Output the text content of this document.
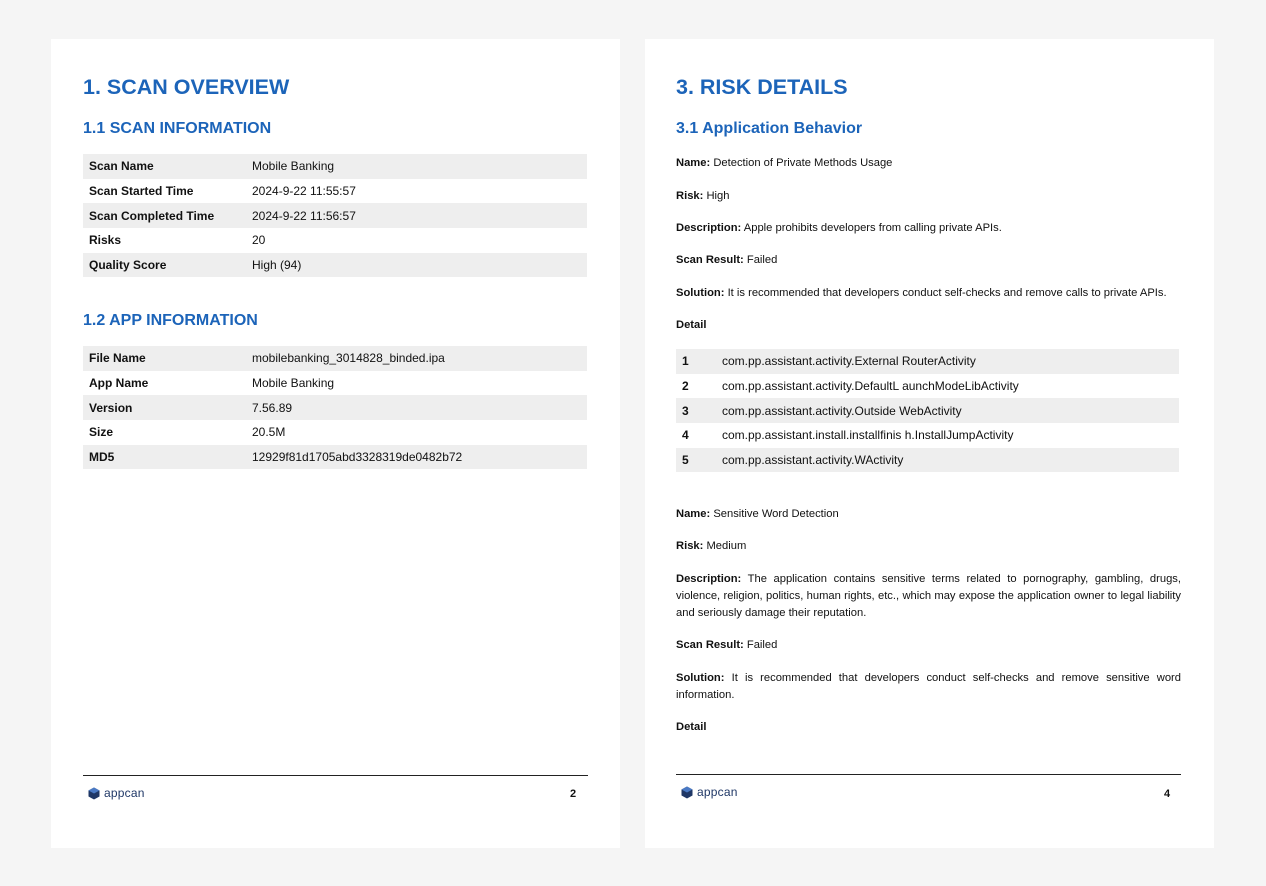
1. SCAN OVERVIEW
1.1 SCAN INFORMATION
Scan Name	Mobile Banking
Scan Started Time	2024-9-22 11:55:57
Scan Completed Time	2024-9-22 11:56:57
Risks	20
Quality Score	High (94)
1.2 APP INFORMATION
File Name	mobilebanking_3014828_binded.ipa
App Name	Mobile Banking
Version	7.56.89
Size	20.5M
MD5	12929f81d1705abd3328319de0482b72
appcan	2
3. RISK DETAILS
3.1 Application Behavior

Name: Detection of Private Methods Usage

Risk: High

Description: Apple prohibits developers from calling private APIs.

Scan Result: Failed

Solution: It is recommended that developers conduct self-checks and remove calls to private APIs.

Detail

1	com.pp.assistant.activity.External RouterActivity
2	com.pp.assistant.activity.DefaultL aunchModeLibActivity
3	com.pp.assistant.activity.Outside WebActivity
4	com.pp.assistant.install.installfinis h.InstallJumpActivity
5	com.pp.assistant.activity.WActivity

Name: Sensitive Word Detection

Risk: Medium

Description: The application contains sensitive terms related to pornography, gambling, drugs, violence, religion, politics, human rights, etc., which may expose the application owner to legal liability and seriously damage their reputation.

Scan Result: Failed

Solution: It is recommended that developers conduct self-checks and remove sensitive word information.

Detail

appcan	4
